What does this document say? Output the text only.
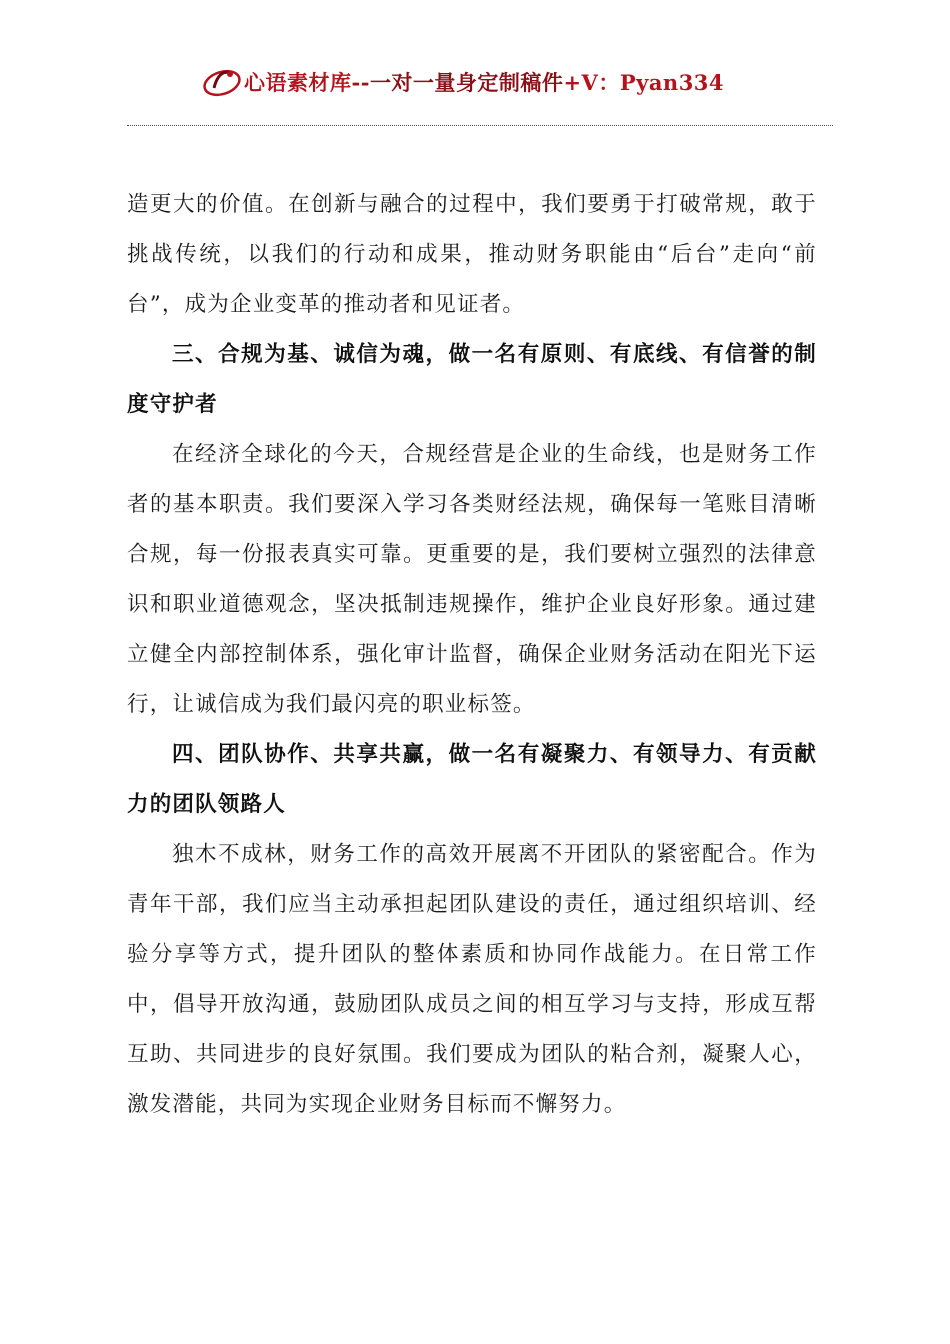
心语素材库--一对一量身定制稿件+V：Pyan334

造更大的价值。在创新与融合的过程中，我们要勇于打破常规，敢于挑战传统，以我们的行动和成果，推动财务职能由“后台”走向“前台”，成为企业变革的推动者和见证者。

三、合规为基、诚信为魂，做一名有原则、有底线、有信誉的制度守护者

在经济全球化的今天，合规经营是企业的生命线，也是财务工作者的基本职责。我们要深入学习各类财经法规，确保每一笔账目清晰合规，每一份报表真实可靠。更重要的是，我们要树立强烈的法律意识和职业道德观念，坚决抵制违规操作，维护企业良好形象。通过建立健全内部控制体系，强化审计监督，确保企业财务活动在阳光下运行，让诚信成为我们最闪亮的职业标签。

四、团队协作、共享共赢，做一名有凝聚力、有领导力、有贡献力的团队领路人

独木不成林，财务工作的高效开展离不开团队的紧密配合。作为青年干部，我们应当主动承担起团队建设的责任，通过组织培训、经验分享等方式，提升团队的整体素质和协同作战能力。在日常工作中，倡导开放沟通，鼓励团队成员之间的相互学习与支持，形成互帮互助、共同进步的良好氛围。我们要成为团队的粘合剂，凝聚人心，激发潜能，共同为实现企业财务目标而不懈努力。
